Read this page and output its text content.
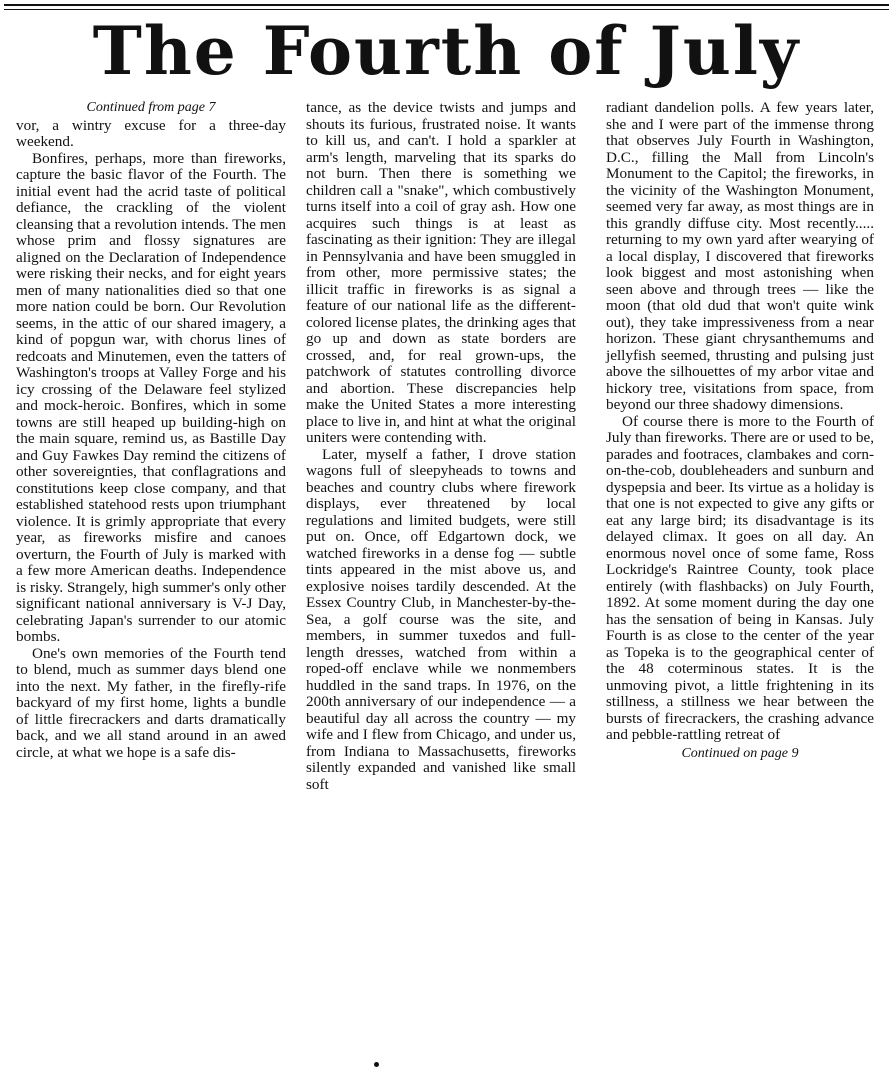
The Fourth of July
Continued from page 7

vor, a wintry excuse for a three-day weekend.

Bonfires, perhaps, more than fireworks, capture the basic flavor of the Fourth. The initial event had the acrid taste of political defiance, the crackling of the violent cleansing that a revolution intends. The men whose prim and flossy signatures are aligned on the Declaration of Independence were risking their necks, and for eight years men of many nationalities died so that one more nation could be born. Our Revolution seems, in the attic of our shared imagery, a kind of popgun war, with chorus lines of redcoats and Minutemen, even the tatters of Washington's troops at Valley Forge and his icy crossing of the Delaware feel stylized and mock-heroic. Bonfires, which in some towns are still heaped up building-high on the main square, remind us, as Bastille Day and Guy Fawkes Day remind the citizens of other sovereignties, that conflagrations and constitutions keep close company, and that established statehood rests upon triumphant violence. It is grimly appropriate that every year, as fireworks misfire and canoes overturn, the Fourth of July is marked with a few more American deaths. Independence is risky. Strangely, high summer's only other significant national anniversary is V-J Day, celebrating Japan's surrender to our atomic bombs.

One's own memories of the Fourth tend to blend, much as summer days blend one into the next. My father, in the firefly-rife backyard of my first home, lights a bundle of little firecrackers and darts dramatically back, and we all stand around in an awed circle, at what we hope is a safe dis-

tance, as the device twists and jumps and shouts its furious, frustrated noise. It wants to kill us, and can't. I hold a sparkler at arm's length, marveling that its sparks do not burn. Then there is something we children call a "snake", which combustively turns itself into a coil of gray ash. How one acquires such things is at least as fascinating as their ignition: They are illegal in Pennsylvania and have been smuggled in from other, more permissive states; the illicit traffic in fireworks is as signal a feature of our national life as the different-colored license plates, the drinking ages that go up and down as state borders are crossed, and, for real grown-ups, the patchwork of statutes controlling divorce and abortion. These discrepancies help make the United States a more interesting place to live in, and hint at what the original uniters were contending with.

Later, myself a father, I drove station wagons full of sleepyheads to towns and beaches and country clubs where firework displays, ever threatened by local regulations and limited budgets, were still put on. Once, off Edgartown dock, we watched fireworks in a dense fog — subtle tints appeared in the mist above us, and explosive noises tardily descended. At the Essex Country Club, in Manchester-by-the-Sea, a golf course was the site, and members, in summer tuxedos and full-length dresses, watched from within a roped-off enclave while we nonmembers huddled in the sand traps. In 1976, on the 200th anniversary of our independence — a beautiful day all across the country — my wife and I flew from Chicago, and under us, from Indiana to Massachusetts, fireworks silently expanded and vanished like small soft

radiant dandelion polls. A few years later, she and I were part of the immense throng that observes July Fourth in Washington, D.C., filling the Mall from Lincoln's Monument to the Capitol; the fireworks, in the vicinity of the Washington Monument, seemed very far away, as most things are in this grandly diffuse city. Most recently..... returning to my own yard after wearying of a local display, I discovered that fireworks look biggest and most astonishing when seen above and through trees — like the moon (that old dud that won't quite wink out), they take impressiveness from a near horizon. These giant chrysanthemums and jellyfish seemed, thrusting and pulsing just above the silhouettes of my arbor vitae and hickory tree, visitations from space, from beyond our three shadowy dimensions.

Of course there is more to the Fourth of July than fireworks. There are or used to be, parades and footraces, clambakes and corn-on-the-cob, doubleheaders and sunburn and dyspepsia and beer. Its virtue as a holiday is that one is not expected to give any gifts or eat any large bird; its disadvantage is its delayed climax. It goes on all day. An enormous novel once of some fame, Ross Lockridge's Raintree County, took place entirely (with flashbacks) on July Fourth, 1892. At some moment during the day one has the sensation of being in Kansas. July Fourth is as close to the center of the year as Topeka is to the geographical center of the 48 coterminous states. It is the unmoving pivot, a little frightening in its stillness, a stillness we hear between the bursts of firecrackers, the crashing advance and pebble-rattling retreat of

Continued on page 9
